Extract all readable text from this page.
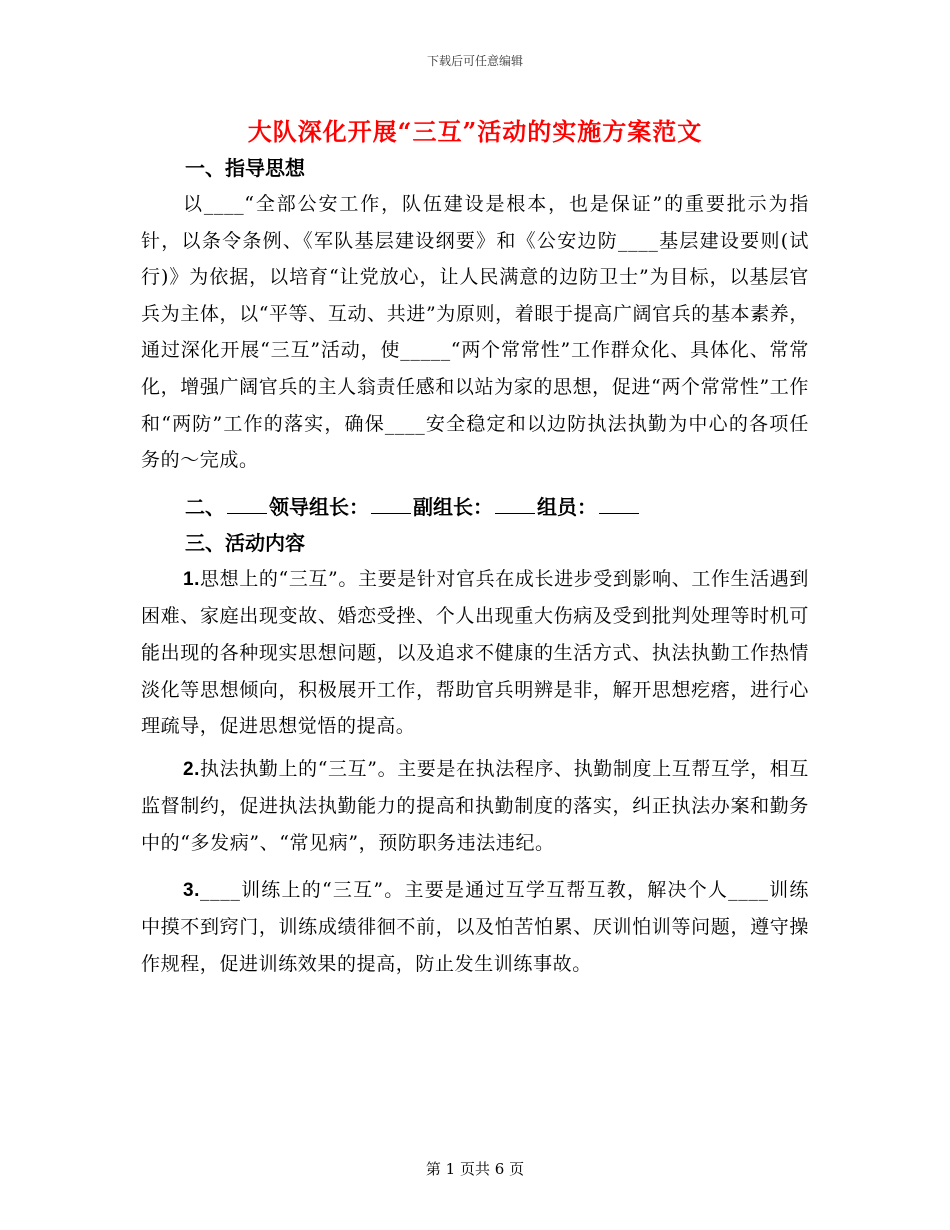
下载后可任意编辑
大队深化开展“三互”活动的实施方案范文

一、指导思想

以____“全部公安工作，队伍建设是根本，也是保证”的重要批示为指针，以条令条例、《军队基层建设纲要》和《公安边防____基层建设要则(试行)》为依据，以培育“让党放心，让人民满意的边防卫士”为目标，以基层官兵为主体，以“平等、互动、共进”为原则，着眼于提高广阔官兵的基本素养，通过深化开展“三互”活动，使_____“两个常常性”工作群众化、具体化、常常化，增强广阔官兵的主人翁责任感和以站为家的思想，促进“两个常常性”工作和“两防”工作的落实，确保____安全稳定和以边防执法执勤为中心的各项任务的～完成。

二、 领导组长： 副组长： 组员：

三、活动内容

1.思想上的“三互”。主要是针对官兵在成长进步受到影响、工作生活遇到困难、家庭出现变故、婚恋受挫、个人出现重大伤病及受到批判处理等时机可能出现的各种现实思想问题，以及追求不健康的生活方式、执法执勤工作热情淡化等思想倾向，积极展开工作，帮助官兵明辨是非，解开思想疙瘩，进行心理疏导，促进思想觉悟的提高。

2.执法执勤上的“三互”。主要是在执法程序、执勤制度上互帮互学，相互监督制约，促进执法执勤能力的提高和执勤制度的落实，纠正执法办案和勤务中的“多发病”、“常见病”，预防职务违法违纪。

3.____训练上的“三互”。主要是通过互学互帮互教，解决个人____训练中摸不到窍门，训练成绩徘徊不前，以及怕苦怕累、厌训怕训等问题，遵守操作规程，促进训练效果的提高，防止发生训练事故。

第 1 页共 6 页
